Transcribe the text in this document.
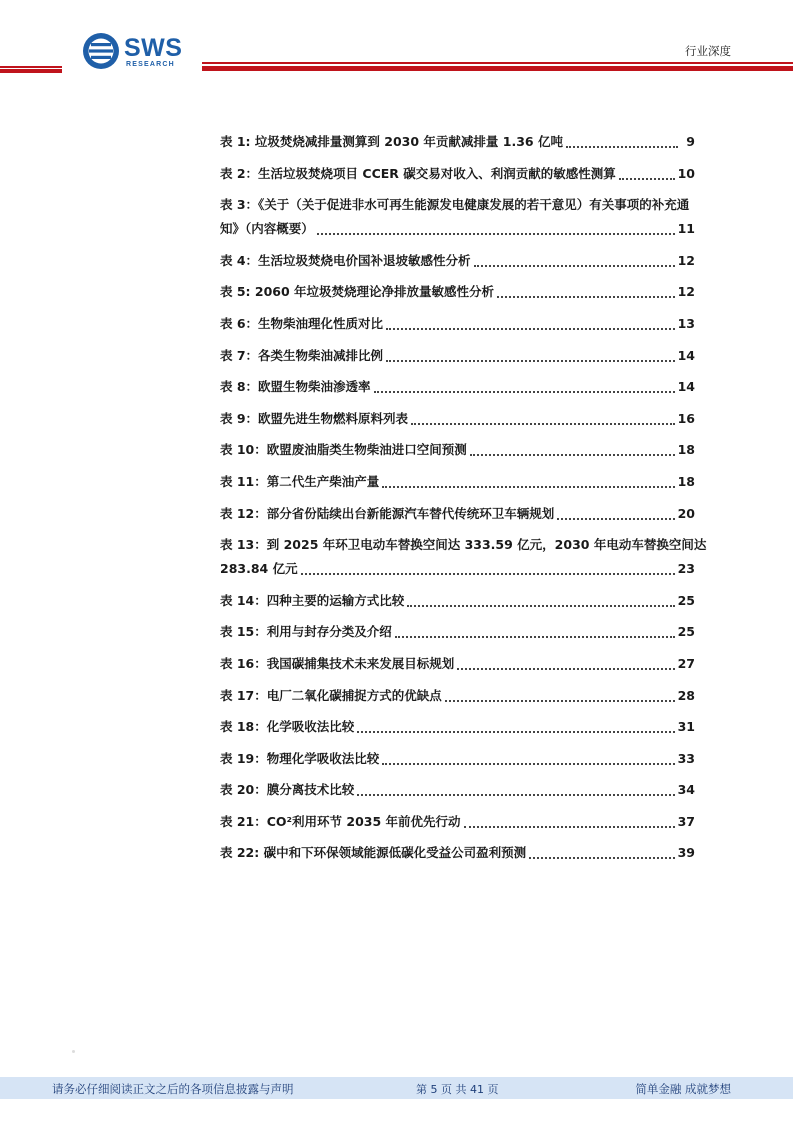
SWS
RESEARCH
行业深度
表 1: 垃圾焚烧减排量测算到 2030 年贡献减排量 1.36 亿吨	9
表 2：生活垃圾焚烧项目 CCER 碳交易对收入、利润贡献的敏感性测算	10
表 3：《关于（关于促进非水可再生能源发电健康发展的若干意见）有关事项的补充通
知》（内容概要）	11
表 4：生活垃圾焚烧电价国补退坡敏感性分析	12
表 5: 2060 年垃圾焚烧理论净排放量敏感性分析	12
表 6：生物柴油理化性质对比	13
表 7：各类生物柴油减排比例	14
表 8：欧盟生物柴油渗透率	14
表 9：欧盟先进生物燃料原料列表	16
表 10：欧盟废油脂类生物柴油进口空间预测	18
表 11：第二代生产柴油产量	18
表 12：部分省份陆续出台新能源汽车替代传统环卫车辆规划	20
表 13：到 2025 年环卫电动车替换空间达 333.59 亿元，2030 年电动车替换空间达
283.84 亿元	23
表 14：四种主要的运输方式比较	25
表 15：利用与封存分类及介绍	25
表 16：我国碳捕集技术未来发展目标规划	27
表 17：电厂二氧化碳捕捉方式的优缺点	28
表 18：化学吸收法比较	31
表 19：物理化学吸收法比较	33
表 20：膜分离技术比较	34
表 21：CO²利用环节 2035 年前优先行动	37
表 22: 碳中和下环保领域能源低碳化受益公司盈利预测	39
请务必仔细阅读正文之后的各项信息披露与声明	第 5 页 共 41 页	简单金融 成就梦想
